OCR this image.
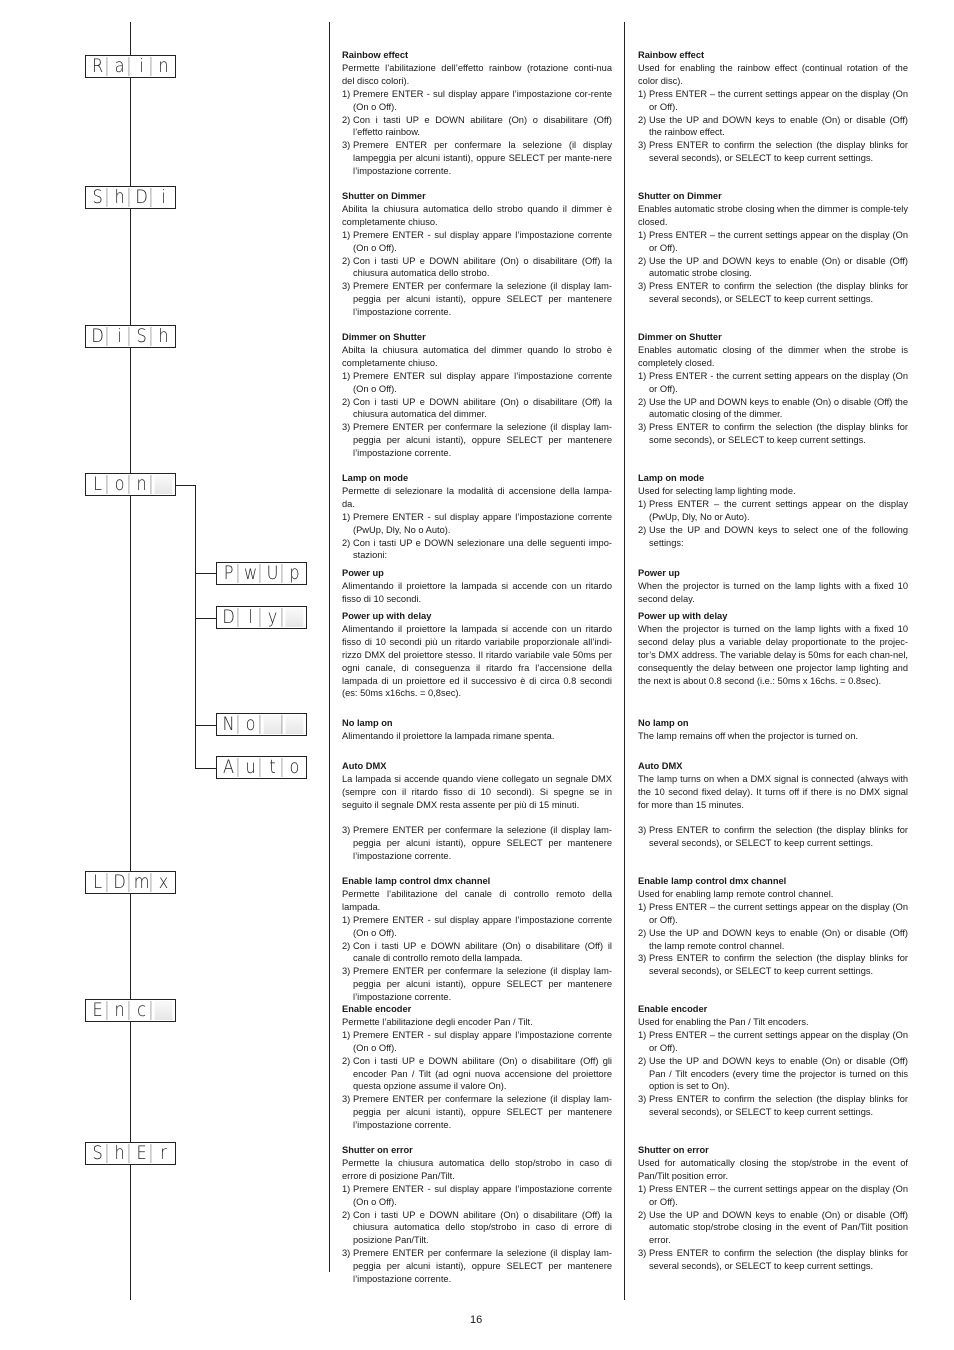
R a i n
S h D i
D i S h
L o n
P w U p
D l y
N o
A u t o
L D m x
E n c
S h E r
Rainbow effect
Permette l’abilitazione dell’effetto rainbow (rotazione conti-nua del disco colori).
1) Premere ENTER - sul display appare l’impostazione cor-rente (On o Off).
2) Con i tasti UP e DOWN abilitare (On) o disabilitare (Off) l’effetto rainbow.
3) Premere ENTER per confermare la selezione (il display lampeggia per alcuni istanti), oppure SELECT per mante-nere l’impostazione corrente.
Shutter on Dimmer
Abilita la chiusura automatica dello strobo quando il dimmer è completamente chiuso.
1) Premere ENTER - sul display appare l’impostazione corrente (On o Off).
2) Con i tasti UP e DOWN abilitare (On) o disabilitare (Off) la chiusura automatica dello strobo.
3) Premere ENTER per confermare la selezione (il display lam-peggia per alcuni istanti), oppure SELECT per mantenere l’impostazione corrente.
Dimmer on Shutter
Abilta la chiusura automatica del dimmer quando lo strobo è completamente chiuso.
1) Premere ENTER sul display appare l’impostazione corrente (On o Off).
2) Con i tasti UP e DOWN abilitare (On) o disabilitare (Off) la chiusura automatica del dimmer.
3) Premere ENTER per confermare la selezione (il display lam-peggia per alcuni istanti), oppure SELECT per mantenere l’impostazione corrente.
Lamp on mode
Permette di selezionare la modalità di accensione della lampa-da.
1) Premere ENTER - sul display appare l’impostazione corrente (PwUp, Dly, No o Auto).
2) Con i tasti UP e DOWN selezionare una delle seguenti impo-stazioni:
Power up
Alimentando il proiettore la lampada si accende con un ritardo fisso di 10 secondi.
Power up with delay
Alimentando il proiettore la lampada si accende con un ritardo fisso di 10 secondi più un ritardo variabile proporzionale all’indi-rizzo DMX del proiettore stesso. Il ritardo variabile vale 50ms per ogni canale, di conseguenza il ritardo fra l’accensione della lampada di un proiettore ed il successivo è di circa 0.8 secondi (es: 50ms x16chs. = 0,8sec).
No lamp on
Alimentando il proiettore la lampada rimane spenta.
Auto DMX
La lampada si accende quando viene collegato un segnale DMX (sempre con il ritardo fisso di 10 secondi). Si spegne se in seguito il segnale DMX resta assente per più di 15 minuti.
3) Premere ENTER per confermare la selezione (il display lam-peggia per alcuni istanti), oppure SELECT per mantenere l’impostazione corrente.
Enable lamp control dmx channel
Permette l’abilitazione del canale di controllo remoto della lampada.
1) Premere ENTER - sul display appare l’impostazione corrente (On o Off).
2) Con i tasti UP e DOWN abilitare (On) o disabilitare (Off) il canale di controllo remoto della lampada.
3) Premere ENTER per confermare la selezione (il display lam-peggia per alcuni istanti), oppure SELECT per mantenere l’impostazione corrente.
Enable encoder
Permette l’abilitazione degli encoder Pan / Tilt.
1) Premere ENTER - sul display appare l’impostazione corrente (On o Off).
2) Con i tasti UP e DOWN abilitare (On) o disabilitare (Off) gli encoder Pan / Tilt (ad ogni nuova accensione del proiettore questa opzione assume il valore On).
3) Premere ENTER per confermare la selezione (il display lam-peggia per alcuni istanti), oppure SELECT per mantenere l’impostazione corrente.
Shutter on error
Permette la chiusura automatica dello stop/strobo in caso di errore di posizione Pan/Tilt.
1) Premere ENTER - sul display appare l’impostazione corrente (On o Off).
2) Con i tasti UP e DOWN abilitare (On) o disabilitare (Off) la chiusura automatica dello stop/strobo in caso di errore di posizione Pan/Tilt.
3) Premere ENTER per confermare la selezione (il display lam-peggia per alcuni istanti), oppure SELECT per mantenere l’impostazione corrente.
Rainbow effect
Used for enabling the rainbow effect (continual rotation of the color disc).
1) Press ENTER – the current settings appear on the display (On or Off).
2) Use the UP and DOWN keys to enable (On) or disable (Off) the rainbow effect.
3) Press ENTER to confirm the selection (the display blinks for several seconds), or SELECT to keep current settings.
Shutter on Dimmer
Enables automatic strobe closing when the dimmer is comple-tely closed.
1) Press ENTER – the current settings appear on the display (On or Off).
2) Use the UP and DOWN keys to enable (On) or disable (Off) automatic strobe closing.
3) Press ENTER to confirm the selection (the display blinks for several seconds), or SELECT to keep current settings.
Dimmer on Shutter
Enables automatic closing of the dimmer when the strobe is completely closed.
1) Press ENTER - the current setting appears on the display (On or Off).
2) Use the UP and DOWN keys to enable (On) o disable (Off) the automatic closing of the dimmer.
3) Press ENTER to confirm the selection (the display blinks for some seconds), or SELECT to keep current settings.
Lamp on mode
Used for selecting lamp lighting mode.
1) Press ENTER – the current settings appear on the display (PwUp, Dly, No or Auto).
2) Use the UP and DOWN keys to select one of the following settings:
Power up
When the projector is turned on the lamp lights with a fixed 10 second delay.
Power up with delay
When the projector is turned on the lamp lights with a fixed 10 second delay plus a variable delay proportionate to the projec-tor’s DMX address. The variable delay is 50ms for each chan-nel, consequently the delay between one projector lamp lighting and the next is about 0.8 second (i.e.: 50ms x 16chs. = 0.8sec).
No lamp on
The lamp remains off when the projector is turned on.
Auto DMX
The lamp turns on when a DMX signal is connected (always with the 10 second fixed delay). It turns off if there is no DMX signal for more than 15 minutes.
3) Press ENTER to confirm the selection (the display blinks for several seconds), or SELECT to keep current settings.
Enable lamp control dmx channel
Used for enabling lamp remote control channel.
1) Press ENTER – the current settings appear on the display (On or Off).
2) Use the UP and DOWN keys to enable (On) or disable (Off) the lamp remote control channel.
3) Press ENTER to confirm the selection (the display blinks for several seconds), or SELECT to keep current settings.
Enable encoder
Used for enabling the Pan / Tilt encoders.
1) Press ENTER – the current settings appear on the display (On or Off).
2) Use the UP and DOWN keys to enable (On) or disable (Off) Pan / Tilt encoders (every time the projector is turned on this option is set to On).
3) Press ENTER to confirm the selection (the display blinks for several seconds), or SELECT to keep current settings.
Shutter on error
Used for automatically closing the stop/strobe in the event of Pan/Tilt position error.
1) Press ENTER – the current settings appear on the display (On or Off).
2) Use the UP and DOWN keys to enable (On) or disable (Off) automatic stop/strobe closing in the event of Pan/Tilt position error.
3) Press ENTER to confirm the selection (the display blinks for several seconds), or SELECT to keep current settings.
16
